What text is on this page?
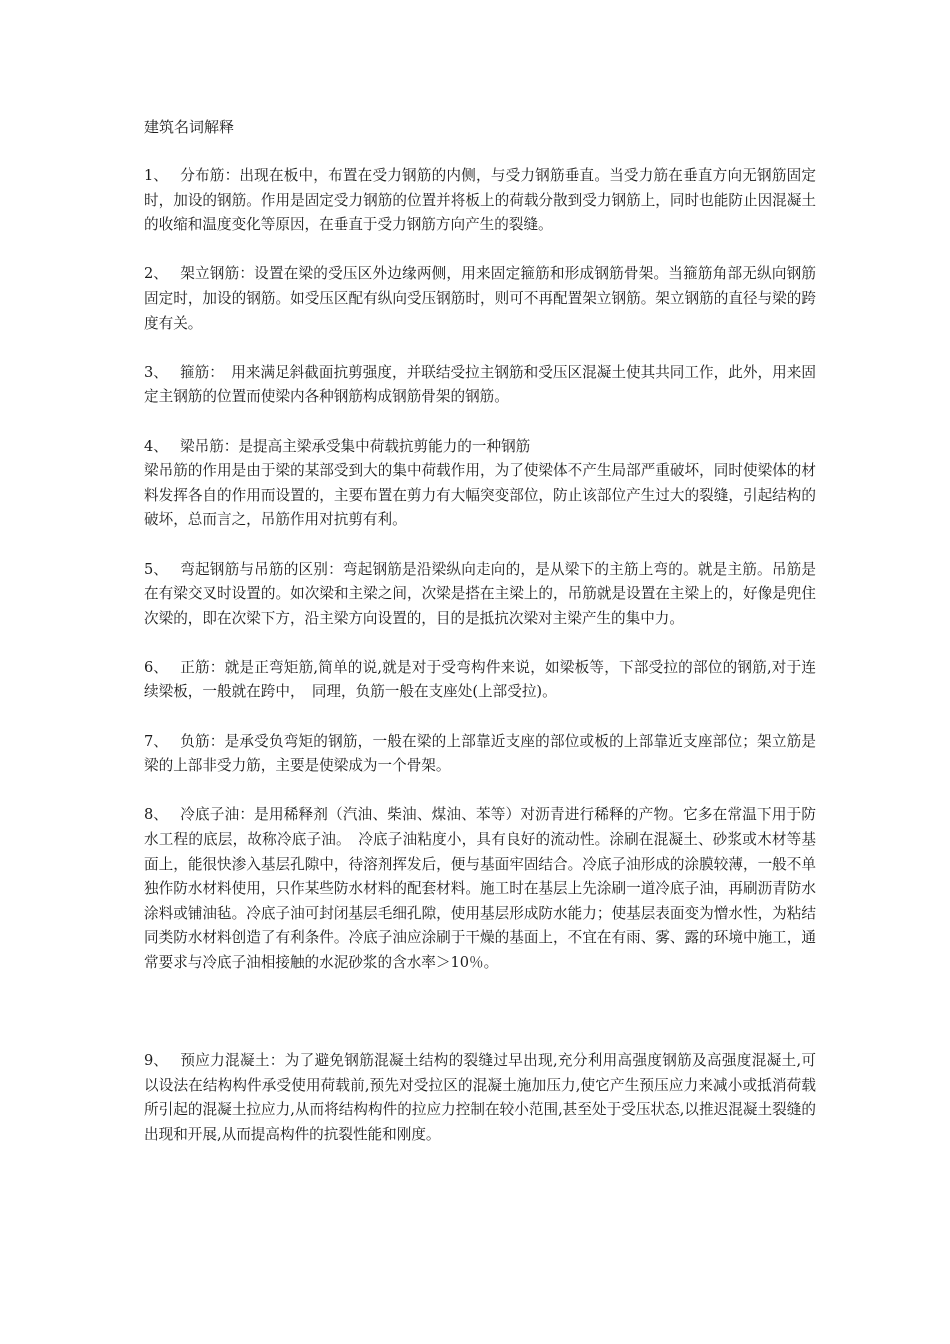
建筑名词解释

1、 分布筋：出现在板中，布置在受力钢筋的内侧，与受力钢筋垂直。当受力筋在垂直方向无钢筋固定时，加设的钢筋。作用是固定受力钢筋的位置并将板上的荷载分散到受力钢筋上，同时也能防止因混凝土的收缩和温度变化等原因，在垂直于受力钢筋方向产生的裂缝。

2、 架立钢筋：设置在梁的受压区外边缘两侧，用来固定箍筋和形成钢筋骨架。当箍筋角部无纵向钢筋固定时，加设的钢筋。如受压区配有纵向受压钢筋时，则可不再配置架立钢筋。架立钢筋的直径与梁的跨度有关。

3、 箍筋：　用来满足斜截面抗剪强度，并联结受拉主钢筋和受压区混凝土使其共同工作，此外，用来固定主钢筋的位置而使梁内各种钢筋构成钢筋骨架的钢筋。

4、 梁吊筋：是提高主梁承受集中荷载抗剪能力的一种钢筋

梁吊筋的作用是由于梁的某部受到大的集中荷载作用，为了使梁体不产生局部严重破坏，同时使梁体的材料发挥各自的作用而设置的，主要布置在剪力有大幅突变部位，防止该部位产生过大的裂缝，引起结构的破坏，总而言之，吊筋作用对抗剪有利。

5、 弯起钢筋与吊筋的区别：弯起钢筋是沿梁纵向走向的，是从梁下的主筋上弯的。就是主筋。吊筋是在有梁交叉时设置的。如次梁和主梁之间，次梁是搭在主梁上的，吊筋就是设置在主梁上的，好像是兜住次梁的，即在次梁下方，沿主梁方向设置的，目的是抵抗次梁对主梁产生的集中力。

6、 正筋：就是正弯矩筋,简单的说,就是对于受弯构件来说，如梁板等，下部受拉的部位的钢筋,对于连续梁板，一般就在跨中，　同理，负筋一般在支座处(上部受拉)。

7、 负筋：是承受负弯矩的钢筋，一般在梁的上部靠近支座的部位或板的上部靠近支座部位；架立筋是梁的上部非受力筋，主要是使梁成为一个骨架。

8、 冷底子油：是用稀释剂（汽油、柴油、煤油、苯等）对沥青进行稀释的产物。它多在常温下用于防水工程的底层，故称冷底子油。　冷底子油粘度小，具有良好的流动性。涂刷在混凝土、砂浆或木材等基面上，能很快渗入基层孔隙中，待溶剂挥发后，便与基面牢固结合。冷底子油形成的涂膜较薄，一般不单独作防水材料使用，只作某些防水材料的配套材料。施工时在基层上先涂刷一道冷底子油，再刷沥青防水涂料或铺油毡。冷底子油可封闭基层毛细孔隙，使用基层形成防水能力；使基层表面变为憎水性，为粘结同类防水材料创造了有利条件。冷底子油应涂刷于干燥的基面上，不宜在有雨、雾、露的环境中施工，通常要求与冷底子油相接触的水泥砂浆的含水率＞10％。

9、 预应力混凝土：为了避免钢筋混凝土结构的裂缝过早出现,充分利用高强度钢筋及高强度混凝土,可以设法在结构构件承受使用荷载前,预先对受拉区的混凝土施加压力,使它产生预压应力来减小或抵消荷载所引起的混凝土拉应力,从而将结构构件的拉应力控制在较小范围,甚至处于受压状态,以推迟混凝土裂缝的出现和开展,从而提高构件的抗裂性能和刚度。
